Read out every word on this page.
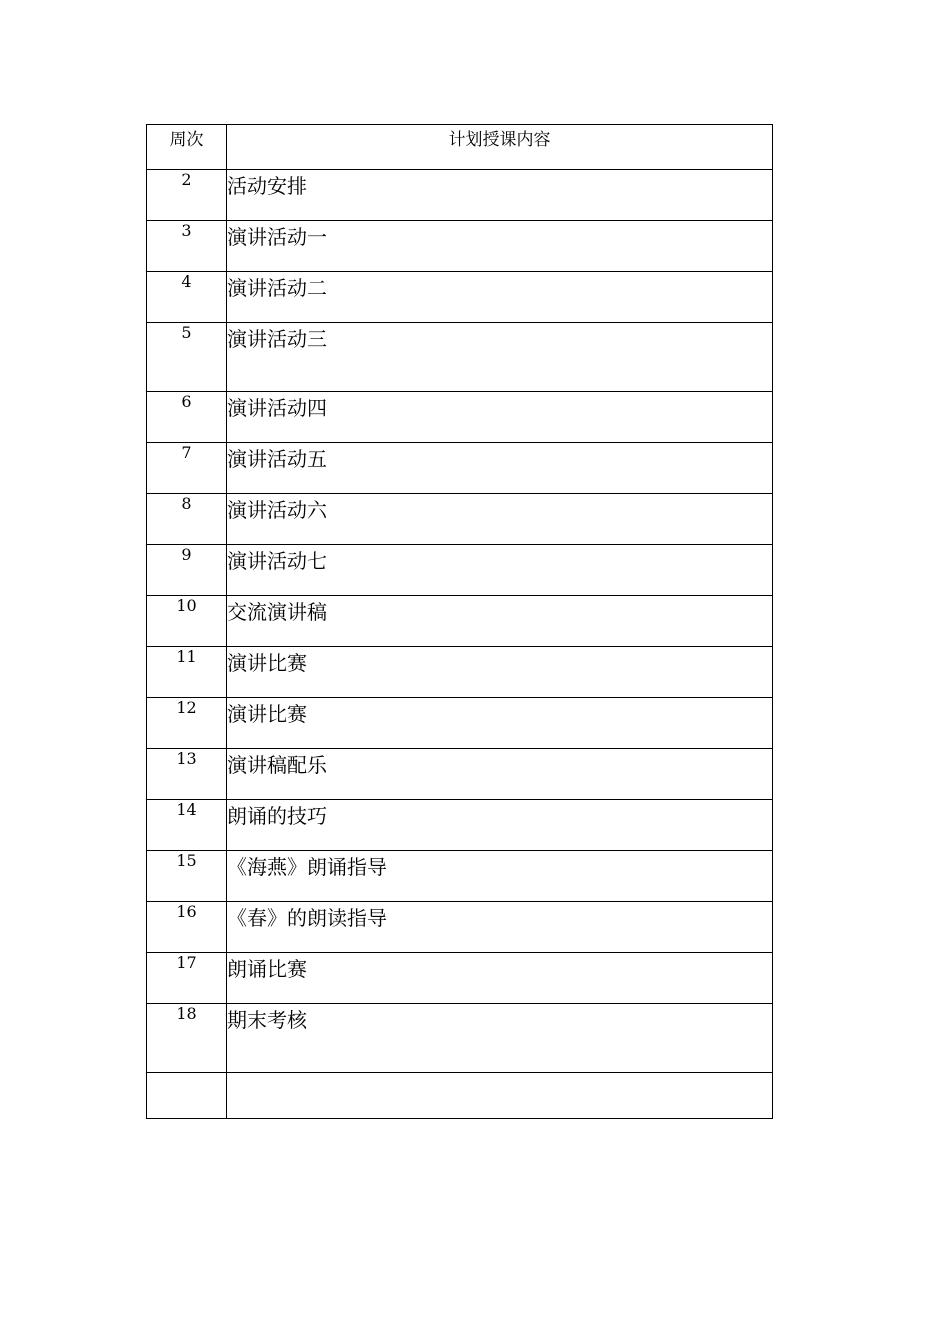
周次	计划授课内容
2	活动安排
3	演讲活动一
4	演讲活动二
5	演讲活动三
6	演讲活动四
7	演讲活动五
8	演讲活动六
9	演讲活动七
10	交流演讲稿
11	演讲比赛
12	演讲比赛
13	演讲稿配乐
14	朗诵的技巧
15	《海燕》朗诵指导
16	《春》的朗读指导
17	朗诵比赛
18	期末考核
